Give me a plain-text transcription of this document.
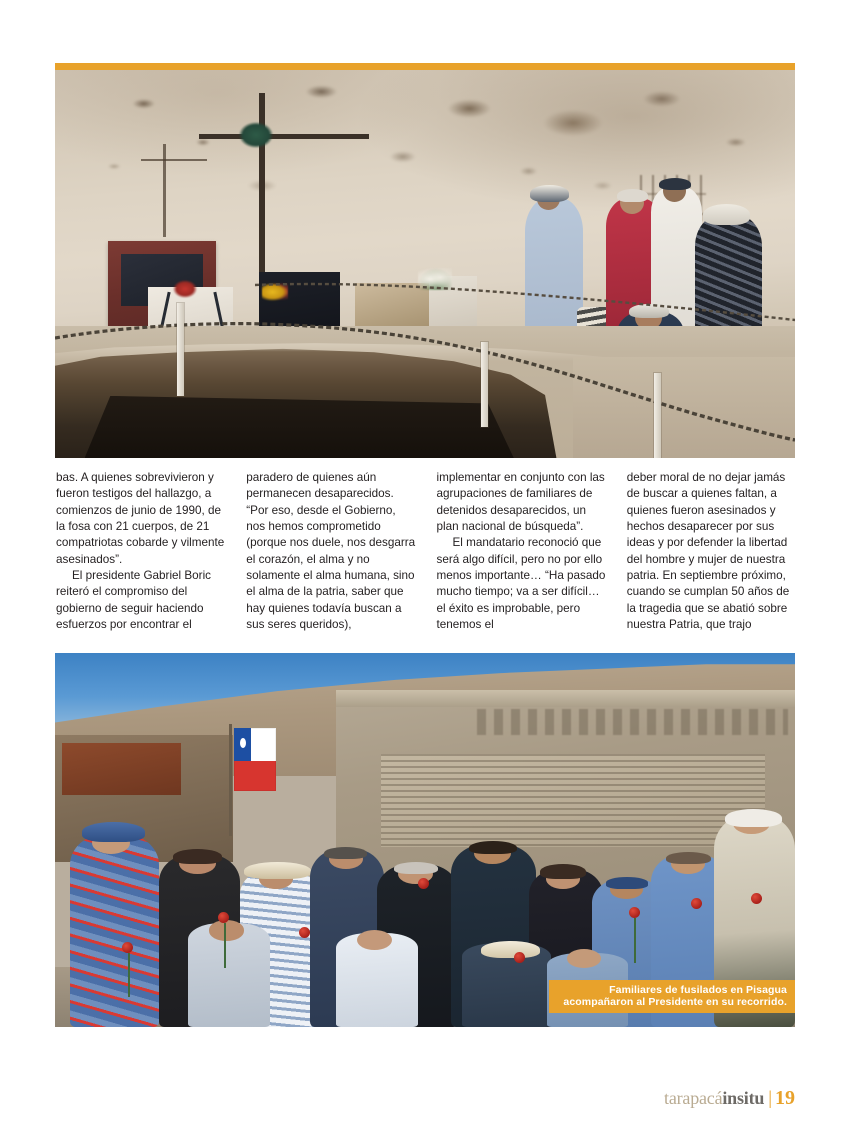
bas. A quienes sobrevivieron y fueron testigos del hallazgo, a comienzos de junio de 1990, de la fosa con 21 cuerpos, de 21 compatriotas cobarde y vilmente asesinados”.

El presidente Gabriel Boric reiteró el compromiso del gobierno de seguir haciendo esfuerzos por encontrar el

paradero de quienes aún permanecen desaparecidos. “Por eso, desde el Gobierno, nos hemos comprometido (porque nos duele, nos desgarra el corazón, el alma y no solamente el alma humana, sino el alma de la patria, saber que hay quienes todavía buscan a sus seres queridos),

implementar en conjunto con las agrupaciones de familiares de detenidos desaparecidos, un plan nacional de búsqueda”.

El mandatario reconoció que será algo difícil, pero no por ello menos importante… “Ha pasado mucho tiempo; va a ser difícil… el éxito es improbable, pero tenemos el

deber moral de no dejar jamás de buscar a quienes faltan, a quienes fueron asesinados y hechos desaparecer por sus ideas y por defender la libertad del hombre y mujer de nuestra patria. En septiembre próximo, cuando se cumplan 50 años de la tragedia que se abatió sobre nuestra Patria, que trajo

Familiares de fusilados en Pisagua
acompañaron al Presidente en su recorrido.
tarapacá insitu | 19
